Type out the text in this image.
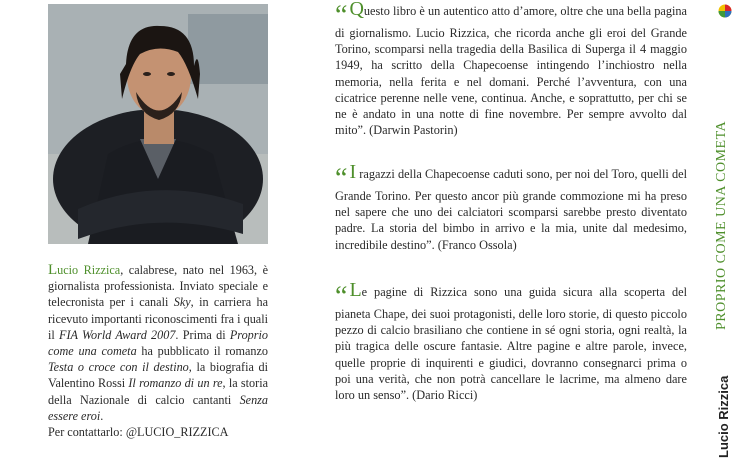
Lucio Rizzica, calabrese, nato nel 1963, è giornalista professionista. Inviato speciale e telecronista per i canali Sky, in carriera ha ricevuto importanti riconoscimenti fra i quali il FIA World Award 2007. Prima di Proprio come una cometa ha pubblicato il romanzo Testa o croce con il destino, la biografia di Valentino Rossi Il romanzo di un re, la storia della Nazionale di calcio cantanti Senza essere eroi.
Per contattarlo: @LUCIO_RIZZICA
“ Questo libro è un autentico atto d’amore, oltre che una bella pagina di giornalismo. Lucio Rizzica, che ricorda anche gli eroi del Grande Torino, scomparsi nella tragedia della Basilica di Superga il 4 maggio 1949, ha scritto della Chapecoense intingendo l’inchiostro nella memoria, nella ferita e nel domani. Perché l’avventura, con una cicatrice perenne nelle vene, continua. Anche, e soprattutto, per chi se ne è andato in una notte di fine novembre. Per sempre avvolto dal mito”. (Darwin Pastorin)
“ I ragazzi della Chapecoense caduti sono, per noi del Toro, quelli del Grande Torino. Per questo ancor più grande commozione mi ha preso nel sapere che uno dei calciatori scomparsi sarebbe presto diventato padre. La storia del bimbo in arrivo e la mia, unite dal medesimo, incredibile destino”. (Franco Ossola)
“ Le pagine di Rizzica sono una guida sicura alla scoperta del pianeta Chape, dei suoi protagonisti, delle loro storie, di questo piccolo pezzo di calcio brasiliano che contiene in sé ogni storia, ogni realtà, la più tragica delle oscure fantasie. Altre pagine e altre parole, invece, quelle proprie di inquirenti e giudici, dovranno consegnarci prima o poi una verità, che non potrà cancellare le lacrime, ma almeno dare loro un senso”. (Dario Ricci)
PROPRIO COME UNA COMETA
Lucio Rizzica
